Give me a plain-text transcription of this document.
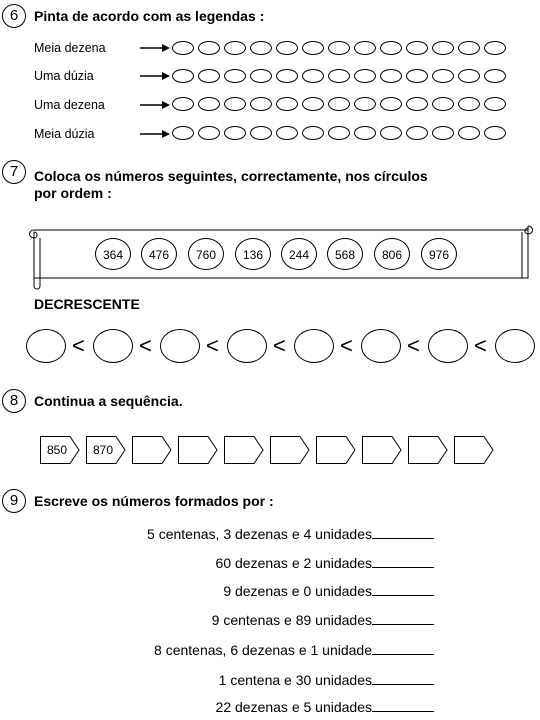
6	Pinta de acordo com as legendas :
Meia dezena
Uma dúzia
Uma dezena
Meia dúzia
7	Coloca os números seguintes, correctamente, nos círculos
por ordem :
364	476	760	136	244	568	806	976
DECRESCENTE
< < < < < < <
8	Continua a sequência.
850	870
9	Escreve os números formados por :
5 centenas, 3 dezenas e 4 unidades
60 dezenas e 2 unidades
9 dezenas e 0 unidades
9 centenas e 89 unidades
8 centenas, 6 dezenas e 1 unidade
1 centena e 30 unidades
22 dezenas e 5 unidades
